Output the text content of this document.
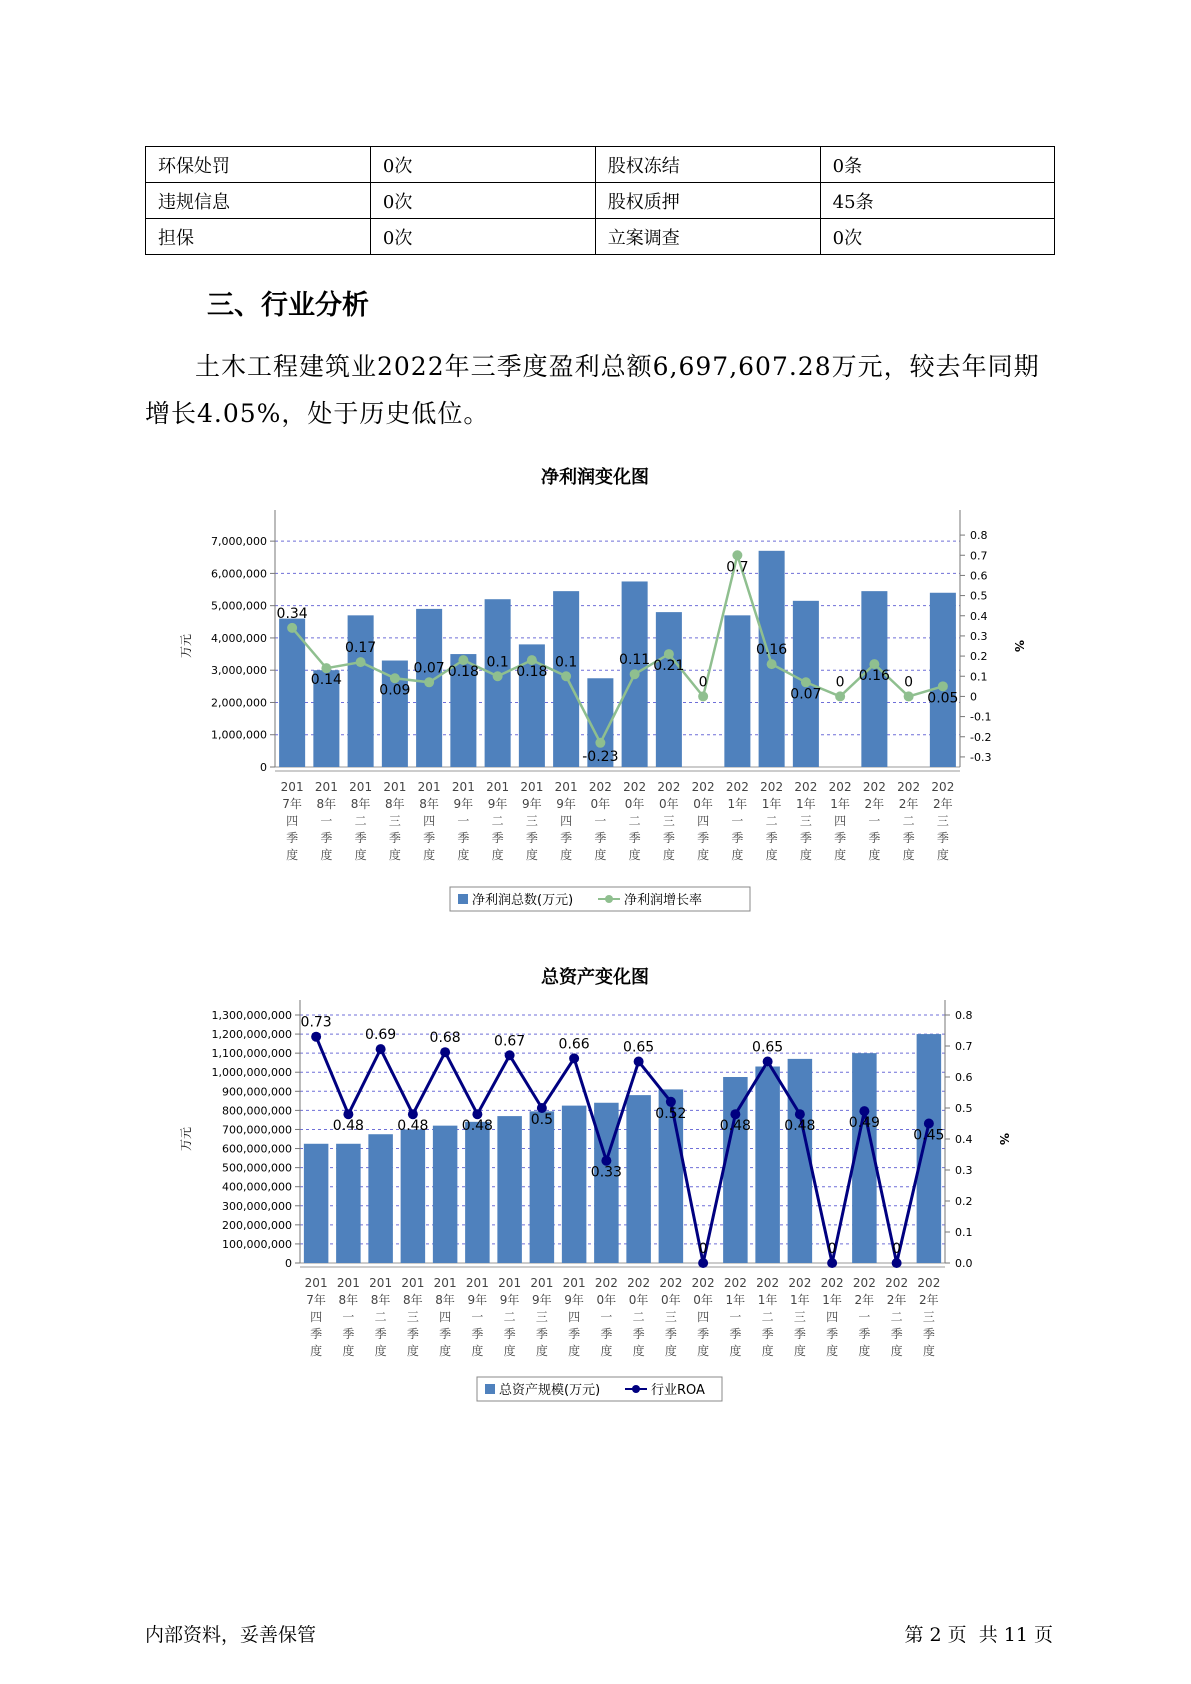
环保处罚	0次	股权冻结	0条
违规信息	0次	股权质押	45条
担保	0次	立案调查	0次
三、行业分析
土木工程建筑业2022年三季度盈利总额6,697,607.28万元，较去年同期增长4.05%，处于历史低位。
净利润变化图
0
1,000,000
2,000,000
3,000,000
4,000,000
5,000,000
6,000,000
7,000,000
-0.3
-0.2
-0.1
0
0.1
0.2
0.3
0.4
0.5
0.6
0.7
0.8
万元	%
0.34
0.14
0.17
0.09
0.07 0.18
0.1
0.18
0.1
-0.23
0.11 0.21
0
0.7
0.16
0.07
0 0.16 0
0.05
201
7年
四
季
度
201
8年
一
季
度
201
8年
二
季
度
201
8年
三
季
度
201
8年
四
季
度
201
9年
一
季
度
201
9年
二
季
度
201
9年
三
季
度
201
9年
四
季
度
202
0年
一
季
度
202
0年
二
季
度
202
0年
三
季
度
202
0年
四
季
度
202
1年
一
季
度
202
1年
二
季
度
202
1年
三
季
度
202
1年
四
季
度
202
2年
一
季
度
202
2年
二
季
度
202
2年
三
季
度
净利润总数(万元)	净利润增长率
总资产变化图
0
100,000,000
200,000,000
300,000,000
400,000,000
500,000,000
600,000,000
700,000,000
800,000,000
900,000,000
1,000,000,000
1,100,000,000
1,200,000,000
1,300,000,000
0.0
0.1
0.2
0.3
0.4
0.5
0.6
0.7
0.8
万元	%
0.73
0.48
0.69
0.48
0.68
0.48
0.67
0.5
0.66
0.33
0.65
0.52
0
0.48
0.65
0.48
0
0.49
0
0.45
201
7年
四
季
度
201
8年
一
季
度
201
8年
二
季
度
201
8年
三
季
度
201
8年
四
季
度
201
9年
一
季
度
201
9年
二
季
度
201
9年
三
季
度
201
9年
四
季
度
202
0年
一
季
度
202
0年
二
季
度
202
0年
三
季
度
202
0年
四
季
度
202
1年
一
季
度
202
1年
二
季
度
202
1年
三
季
度
202
1年
四
季
度
202
2年
一
季
度
202
2年
二
季
度
202
2年
三
季
度
总资产规模(万元)	行业ROA
内部资料，妥善保管	第 2 页  共 11 页
